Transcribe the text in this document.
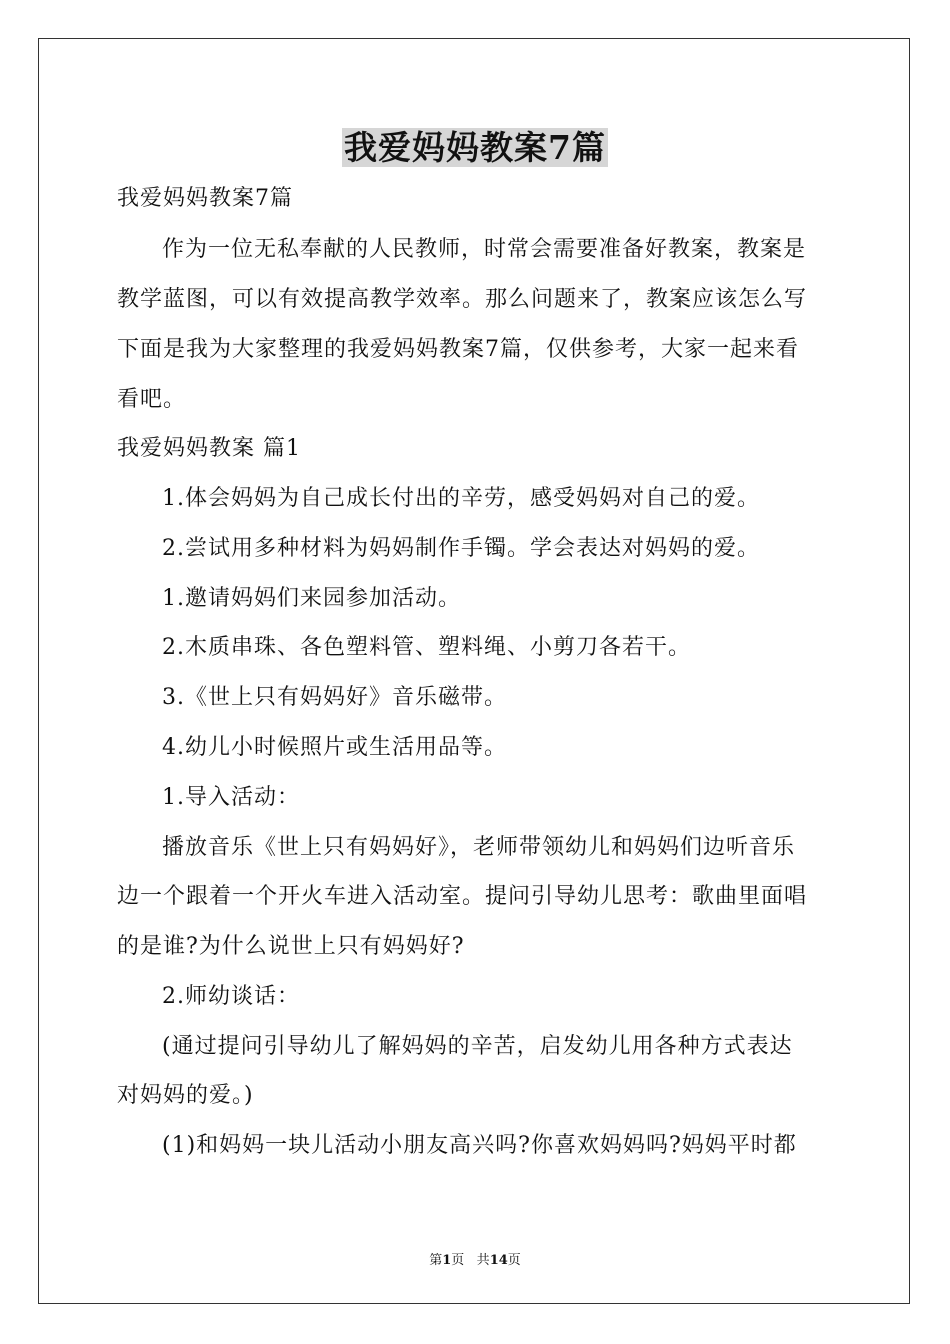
我爱妈妈教案7篇
我爱妈妈教案7篇
作为一位无私奉献的人民教师，时常会需要准备好教案，教案是
教学蓝图，可以有效提高教学效率。那么问题来了，教案应该怎么写
下面是我为大家整理的我爱妈妈教案7篇，仅供参考，大家一起来看
看吧。
我爱妈妈教案 篇1
1.体会妈妈为自己成长付出的辛劳，感受妈妈对自己的爱。
2.尝试用多种材料为妈妈制作手镯。学会表达对妈妈的爱。
1.邀请妈妈们来园参加活动。
2.木质串珠、各色塑料管、塑料绳、小剪刀各若干。
3.《世上只有妈妈好》音乐磁带。
4.幼儿小时候照片或生活用品等。
1.导入活动：
播放音乐《世上只有妈妈好》，老师带领幼儿和妈妈们边听音乐
边一个跟着一个开火车进入活动室。提问引导幼儿思考：歌曲里面唱
的是谁?为什么说世上只有妈妈好?
2.师幼谈话：
(通过提问引导幼儿了解妈妈的辛苦，启发幼儿用各种方式表达
对妈妈的爱。)
(1)和妈妈一块儿活动小朋友高兴吗?你喜欢妈妈吗?妈妈平时都
第1页 共14页
